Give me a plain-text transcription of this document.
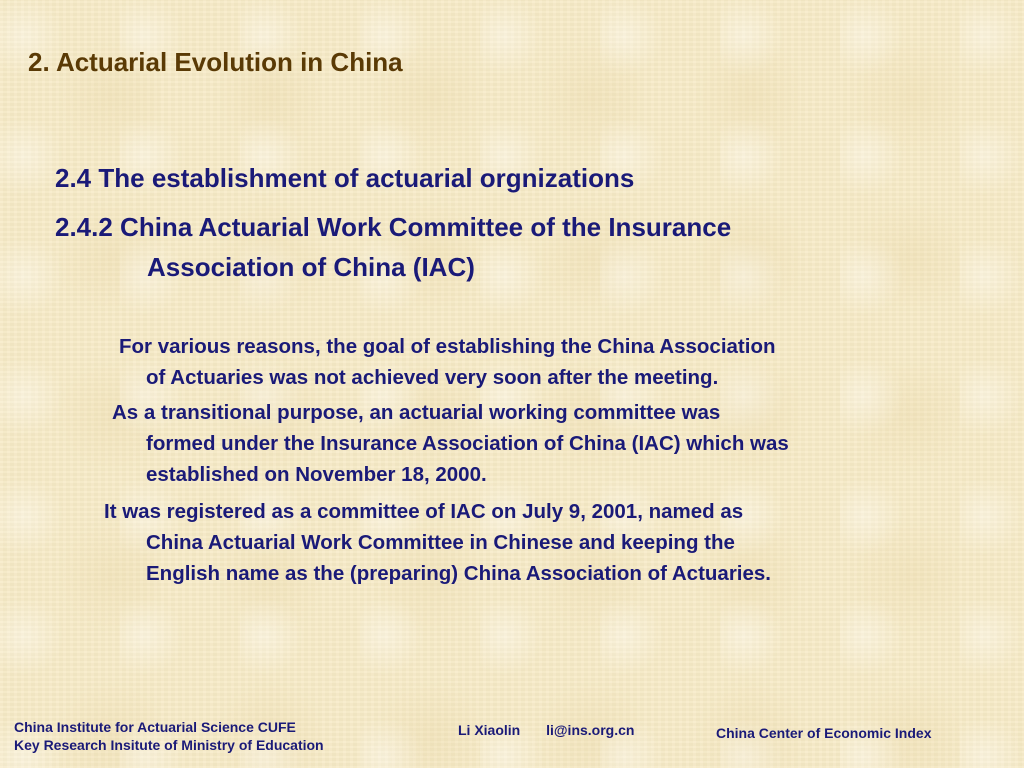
2. Actuarial Evolution in China

2.4 The establishment of actuarial orgnizations

2.4.2 China Actuarial Work Committee of the Insurance
Association of China (IAC)

For various reasons, the goal of establishing the China Association
of Actuaries was not achieved very soon after the meeting.

As a transitional purpose, an actuarial working committee was
formed under the Insurance Association of China (IAC) which was
established on November 18, 2000.

It was registered as a committee of IAC on July 9, 2001, named as
China Actuarial Work Committee in Chinese and keeping the
English name as the (preparing) China Association of Actuaries.

China Institute for Actuarial Science CUFE
Key Research Insitute of Ministry of Education
Li Xiaolin li@ins.org.cn	China Center of Economic Index
